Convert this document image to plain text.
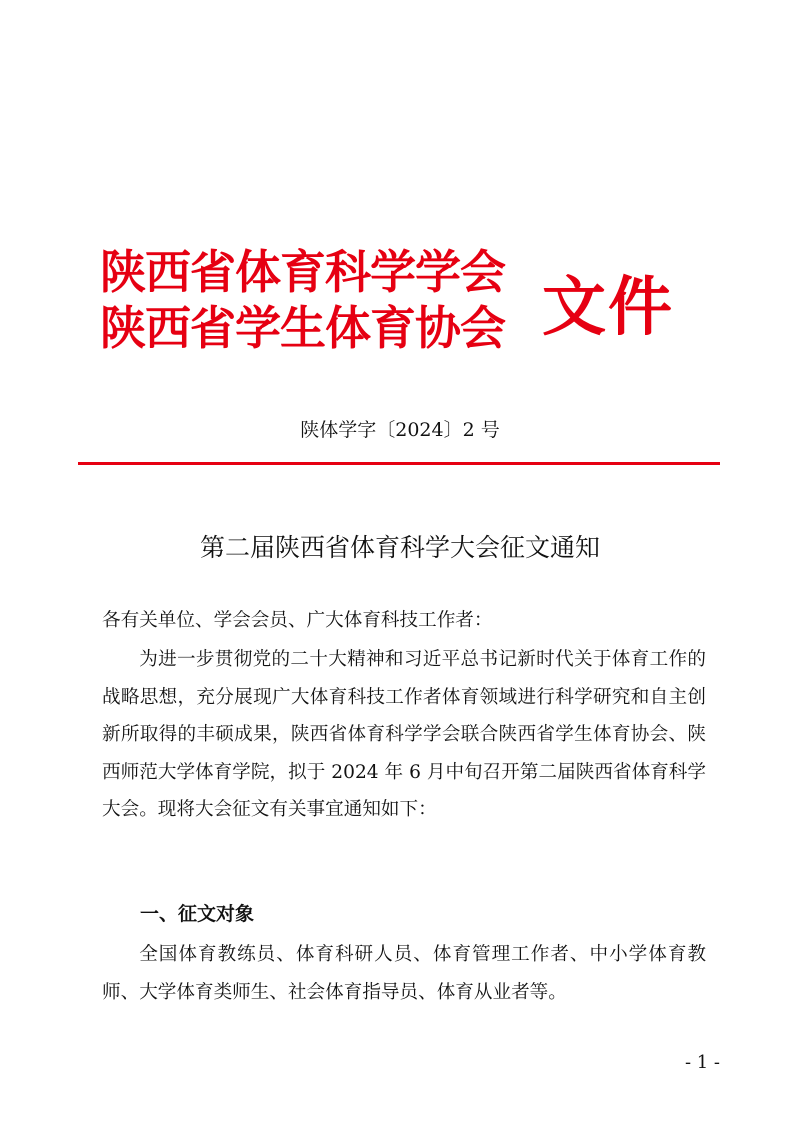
陕西省体育科学学会
陕西省学生体育协会 文件
陕体学字〔2024〕2 号
第二届陕西省体育科学大会征文通知
各有关单位、学会会员、广大体育科技工作者：
为进一步贯彻党的二十大精神和习近平总书记新时代关于体育工作的战略思想，充分展现广大体育科技工作者体育领域进行科学研究和自主创新所取得的丰硕成果，陕西省体育科学学会联合陕西省学生体育协会、陕西师范大学体育学院，拟于 2024 年 6 月中旬召开第二届陕西省体育科学大会。现将大会征文有关事宜通知如下：
一、征文对象
全国体育教练员、体育科研人员、体育管理工作者、中小学体育教师、大学体育类师生、社会体育指导员、体育从业者等。
- 1 -
